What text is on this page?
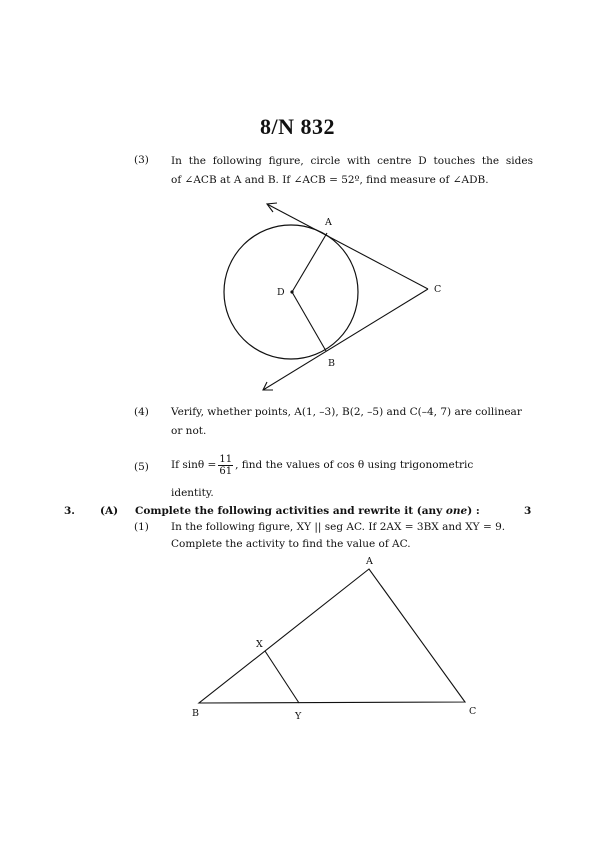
8/N 832
(3) In the following figure, circle with centre D touches the sides
of ∠ACB at A and B. If ∠ACB = 52º, find measure of ∠ADB.
A
B
C
D
A
B	C
X
Y
(4) Verify, whether points, A(1, –3), B(2, –5) and C(–4, 7) are collinear
or not.
(5) If $\sin\theta = \frac{11}{61}$ , find the values of cos θ using trigonometric
identity.
3. (A) Complete the following activities and rewrite it (any one) :	3
(1) In the following figure, XY || seg AC. If 2AX = 3BX and XY = 9.
Complete the activity to find the value of AC.
